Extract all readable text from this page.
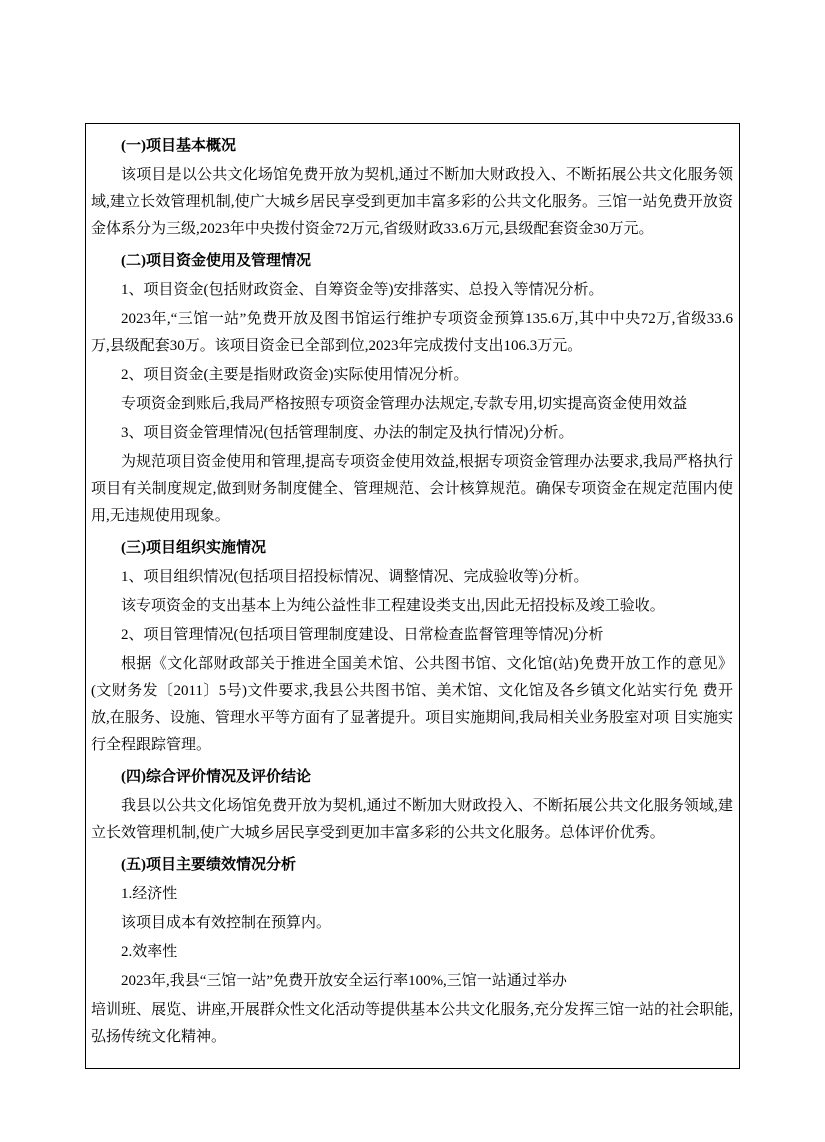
(一)项目基本概况

该项目是以公共文化场馆免费开放为契机,通过不断加大财政投入、不断拓展公共文化服务领域,建立长效管理机制,使广大城乡居民享受到更加丰富多彩的公共文化服务。三馆一站免费开放资金体系分为三级,2023年中央拨付资金72万元,省级财政33.6万元,县级配套资金30万元。

(二)项目资金使用及管理情况

1、项目资金(包括财政资金、自筹资金等)安排落实、总投入等情况分析。

2023年,“三馆一站”免费开放及图书馆运行维护专项资金预算135.6万,其中中央72万,省级33.6万,县级配套30万。该项目资金已全部到位,2023年完成拨付支出106.3万元。

2、项目资金(主要是指财政资金)实际使用情况分析。

专项资金到账后,我局严格按照专项资金管理办法规定,专款专用,切实提高资金使用效益

3、项目资金管理情况(包括管理制度、办法的制定及执行情况)分析。

为规范项目资金使用和管理,提高专项资金使用效益,根据专项资金管理办法要求,我局严格执行项目有关制度规定,做到财务制度健全、管理规范、会计核算规范。确保专项资金在规定范围内使用,无违规使用现象。

(三)项目组织实施情况

1、项目组织情况(包括项目招投标情况、调整情况、完成验收等)分析。

该专项资金的支出基本上为纯公益性非工程建设类支出,因此无招投标及竣工验收。

2、项目管理情况(包括项目管理制度建设、日常检查监督管理等情况)分析

根据《文化部财政部关于推进全国美术馆、公共图书馆、文化馆(站)免费开放工作的意见》 (文财务发〔2011〕5号)文件要求,我县公共图书馆、美术馆、文化馆及各乡镇文化站实行免 费开放,在服务、设施、管理水平等方面有了显著提升。项目实施期间,我局相关业务股室对项 目实施实行全程跟踪管理。

(四)综合评价情况及评价结论

我县以公共文化场馆免费开放为契机,通过不断加大财政投入、不断拓展公共文化服务领域,建立长效管理机制,使广大城乡居民享受到更加丰富多彩的公共文化服务。总体评价优秀。

(五)项目主要绩效情况分析

1.经济性

该项目成本有效控制在预算内。

2.效率性

2023年,我县“三馆一站”免费开放安全运行率100%,三馆一站通过举办

培训班、展览、讲座,开展群众性文化活动等提供基本公共文化服务,充分发挥三馆一站的社会职能,弘扬传统文化精神。
